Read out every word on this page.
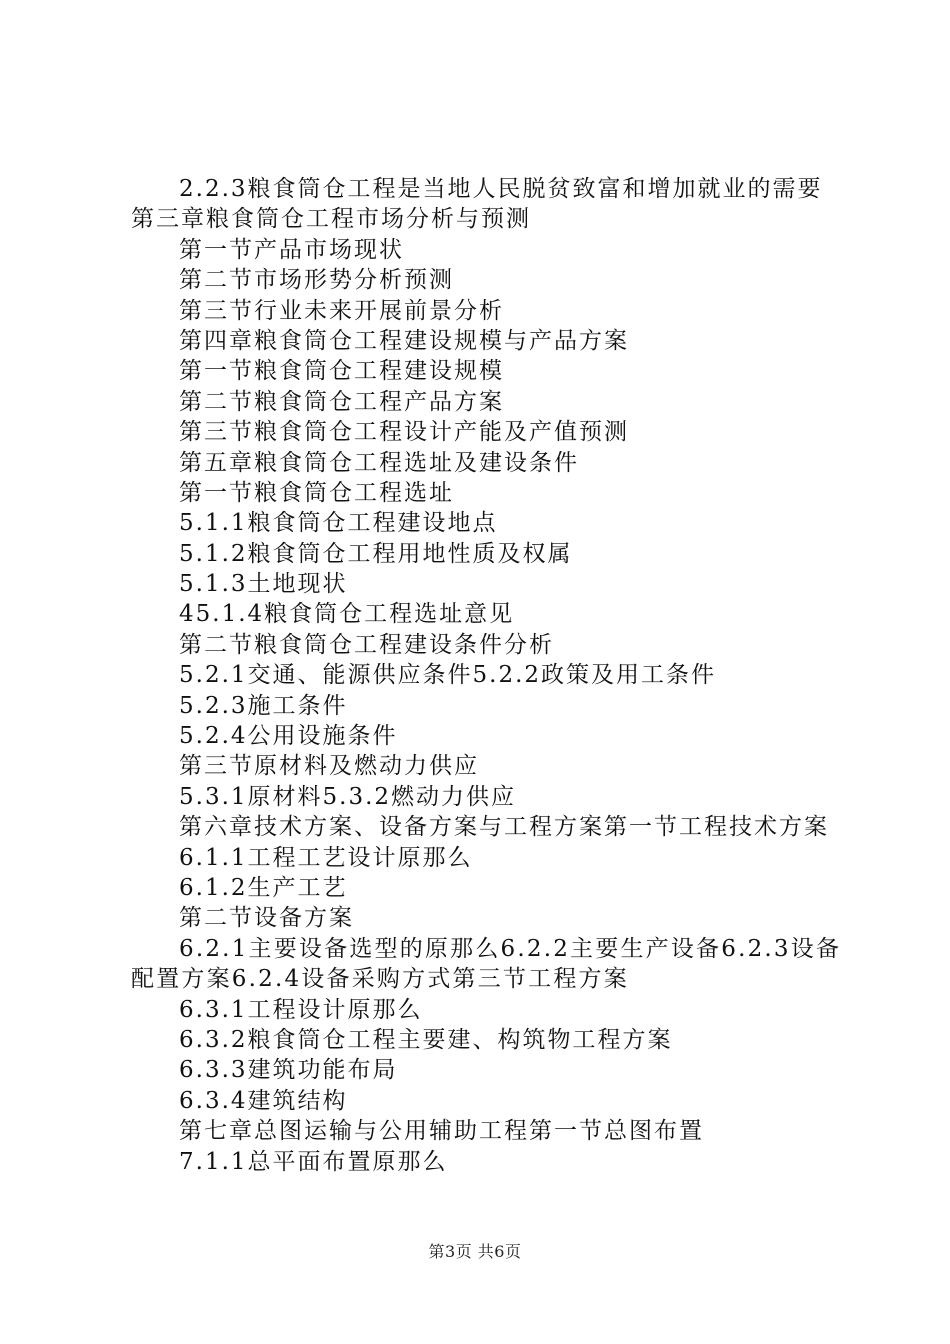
2.2.3粮食筒仓工程是当地人民脱贫致富和增加就业的需要
第三章粮食筒仓工程市场分析与预测
第一节产品市场现状
第二节市场形势分析预测
第三节行业未来开展前景分析
第四章粮食筒仓工程建设规模与产品方案
第一节粮食筒仓工程建设规模
第二节粮食筒仓工程产品方案
第三节粮食筒仓工程设计产能及产值预测
第五章粮食筒仓工程选址及建设条件
第一节粮食筒仓工程选址
5.1.1粮食筒仓工程建设地点
5.1.2粮食筒仓工程用地性质及权属
5.1.3土地现状
45.1.4粮食筒仓工程选址意见
第二节粮食筒仓工程建设条件分析
5.2.1交通、能源供应条件5.2.2政策及用工条件
5.2.3施工条件
5.2.4公用设施条件
第三节原材料及燃动力供应
5.3.1原材料5.3.2燃动力供应
第六章技术方案、设备方案与工程方案第一节工程技术方案
6.1.1工程工艺设计原那么
6.1.2生产工艺
第二节设备方案
6.2.1主要设备选型的原那么6.2.2主要生产设备6.2.3设备配置方案6.2.4设备采购方式第三节工程方案
6.3.1工程设计原那么
6.3.2粮食筒仓工程主要建、构筑物工程方案
6.3.3建筑功能布局
6.3.4建筑结构
第七章总图运输与公用辅助工程第一节总图布置
7.1.1总平面布置原那么
第3页 共6页
